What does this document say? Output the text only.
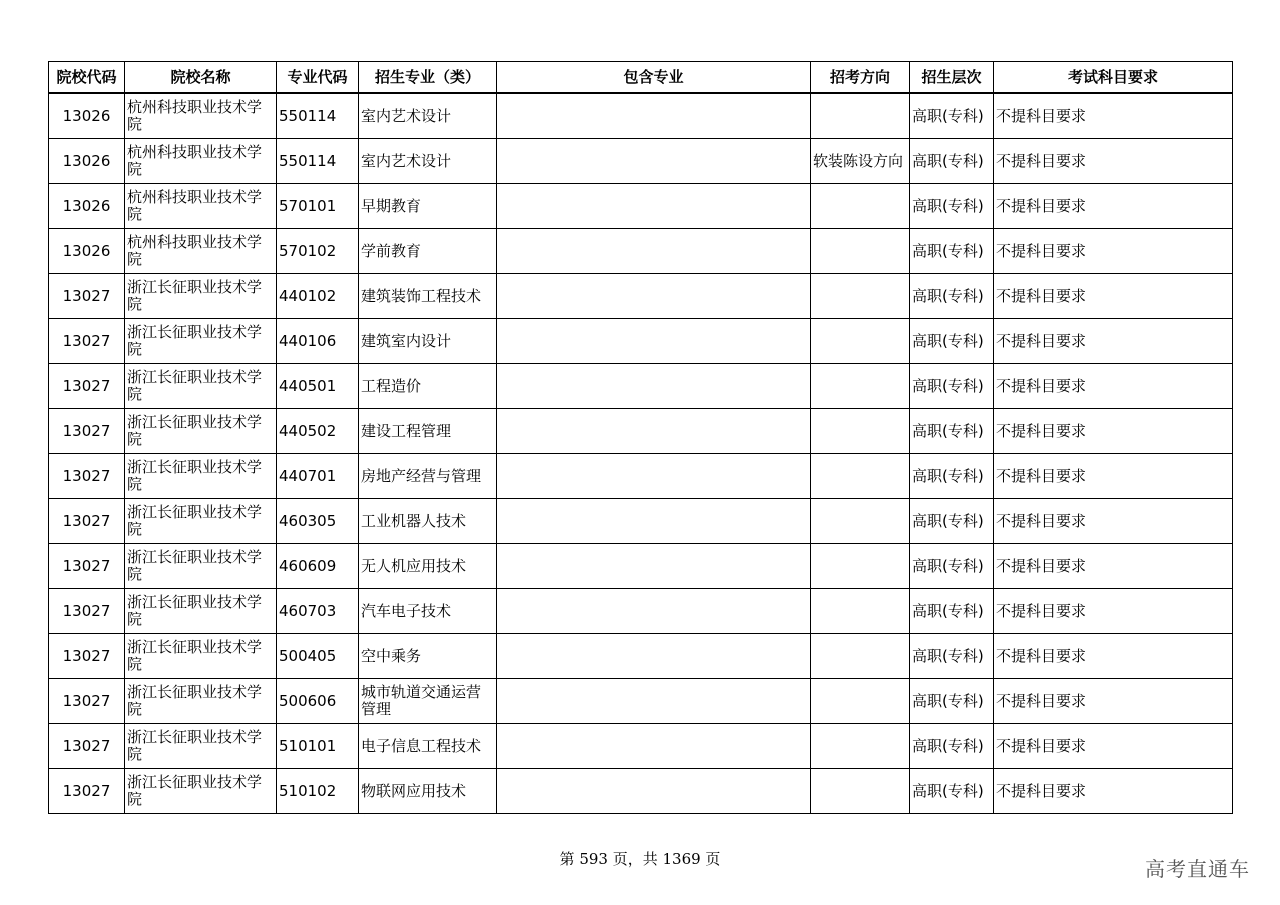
院校代码	院校名称	专业代码	招生专业（类）	包含专业	招考方向	招生层次	考试科目要求
13026	杭州科技职业技术学院	550114	室内艺术设计			高职(专科)	不提科目要求
13026	杭州科技职业技术学院	550114	室内艺术设计		软装陈设方向	高职(专科)	不提科目要求
13026	杭州科技职业技术学院	570101	早期教育			高职(专科)	不提科目要求
13026	杭州科技职业技术学院	570102	学前教育			高职(专科)	不提科目要求
13027	浙江长征职业技术学院	440102	建筑装饰工程技术			高职(专科)	不提科目要求
13027	浙江长征职业技术学院	440106	建筑室内设计			高职(专科)	不提科目要求
13027	浙江长征职业技术学院	440501	工程造价			高职(专科)	不提科目要求
13027	浙江长征职业技术学院	440502	建设工程管理			高职(专科)	不提科目要求
13027	浙江长征职业技术学院	440701	房地产经营与管理			高职(专科)	不提科目要求
13027	浙江长征职业技术学院	460305	工业机器人技术			高职(专科)	不提科目要求
13027	浙江长征职业技术学院	460609	无人机应用技术			高职(专科)	不提科目要求
13027	浙江长征职业技术学院	460703	汽车电子技术			高职(专科)	不提科目要求
13027	浙江长征职业技术学院	500405	空中乘务			高职(专科)	不提科目要求
13027	浙江长征职业技术学院	500606	城市轨道交通运营管理			高职(专科)	不提科目要求
13027	浙江长征职业技术学院	510101	电子信息工程技术			高职(专科)	不提科目要求
13027	浙江长征职业技术学院	510102	物联网应用技术			高职(专科)	不提科目要求
第 593 页，共 1369 页	高考直通车
